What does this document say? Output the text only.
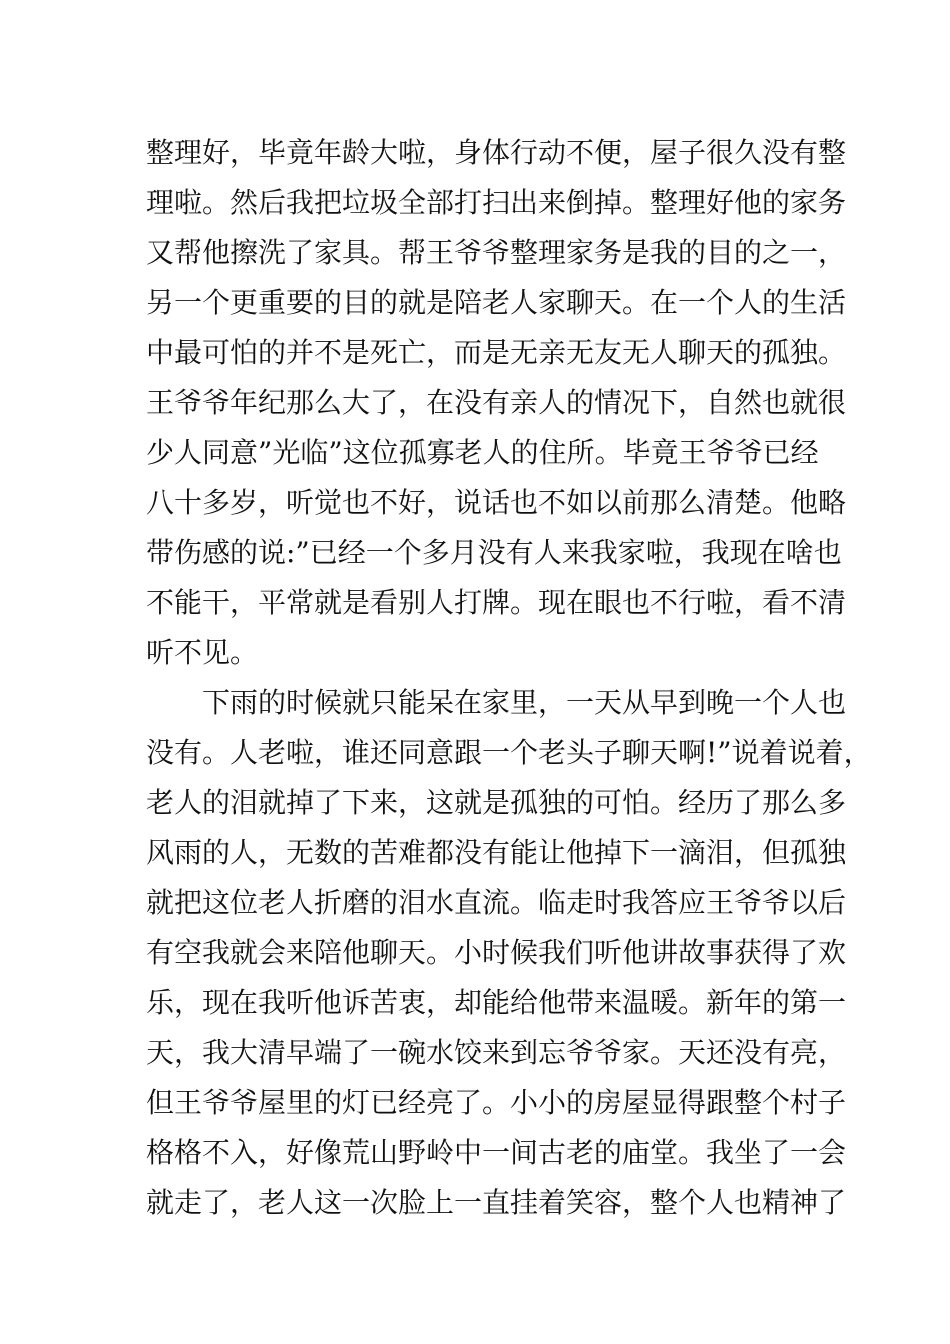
整理好，毕竟年龄大啦，身体行动不便，屋子很久没有整
理啦。然后我把垃圾全部打扫出来倒掉。整理好他的家务
又帮他擦洗了家具。帮王爷爷整理家务是我的目的之一，
另一个更重要的目的就是陪老人家聊天。在一个人的生活
中最可怕的并不是死亡，而是无亲无友无人聊天的孤独。
王爷爷年纪那么大了，在没有亲人的情况下，自然也就很
少人同意”光临”这位孤寡老人的住所。毕竟王爷爷已经
八十多岁，听觉也不好，说话也不如以前那么清楚。他略
带伤感的说:”已经一个多月没有人来我家啦，我现在啥也
不能干，平常就是看别人打牌。现在眼也不行啦，看不清
听不见。
下雨的时候就只能呆在家里，一天从早到晚一个人也
没有。人老啦，谁还同意跟一个老头子聊天啊!”说着说着，
老人的泪就掉了下来，这就是孤独的可怕。经历了那么多
风雨的人，无数的苦难都没有能让他掉下一滴泪，但孤独
就把这位老人折磨的泪水直流。临走时我答应王爷爷以后
有空我就会来陪他聊天。小时候我们听他讲故事获得了欢
乐，现在我听他诉苦衷，却能给他带来温暖。新年的第一
天，我大清早端了一碗水饺来到忘爷爷家。天还没有亮，
但王爷爷屋里的灯已经亮了。小小的房屋显得跟整个村子
格格不入，好像荒山野岭中一间古老的庙堂。我坐了一会
就走了，老人这一次脸上一直挂着笑容，整个人也精神了
